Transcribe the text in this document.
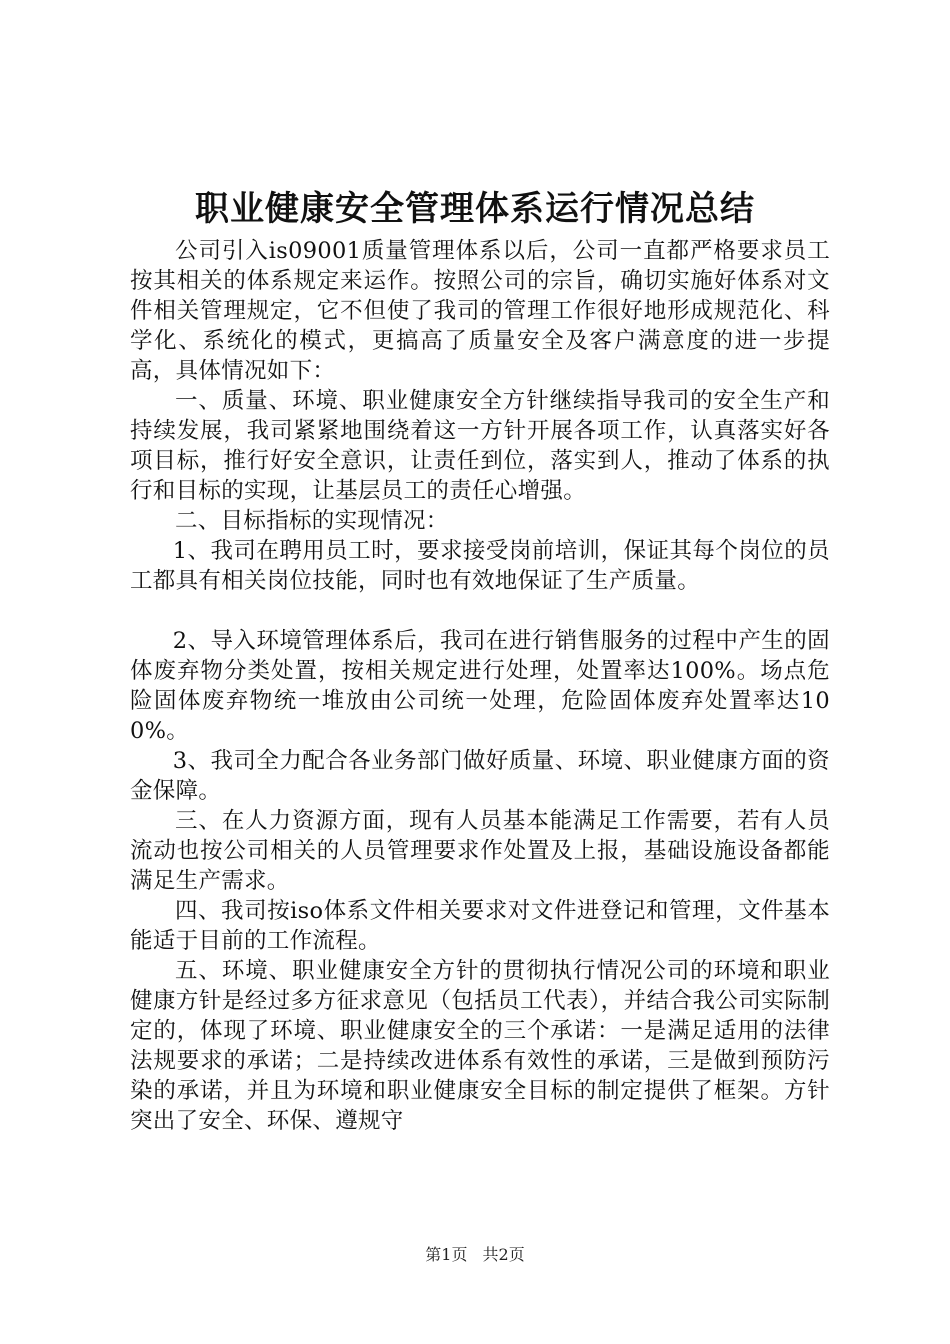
职业健康安全管理体系运行情况总结

公司引入is09001质量管理体系以后，公司一直都严格要求员工按其相关的体系规定来运作。按照公司的宗旨，确切实施好体系对文件相关管理规定，它不但使了我司的管理工作很好地形成规范化、科学化、系统化的模式，更搞高了质量安全及客户满意度的进一步提高，具体情况如下：

一、质量、环境、职业健康安全方针继续指导我司的安全生产和持续发展，我司紧紧地围绕着这一方针开展各项工作，认真落实好各项目标，推行好安全意识，让责任到位，落实到人，推动了体系的执行和目标的实现，让基层员工的责任心增强。

二、目标指标的实现情况：

1、我司在聘用员工时，要求接受岗前培训，保证其每个岗位的员工都具有相关岗位技能，同时也有效地保证了生产质量。

2、导入环境管理体系后，我司在进行销售服务的过程中产生的固体废弃物分类处置，按相关规定进行处理，处置率达100%。场点危险固体废弃物统一堆放由公司统一处理，危险固体废弃处置率达100%。

3、我司全力配合各业务部门做好质量、环境、职业健康方面的资金保障。

三、在人力资源方面，现有人员基本能满足工作需要，若有人员流动也按公司相关的人员管理要求作处置及上报，基础设施设备都能满足生产需求。

四、我司按iso体系文件相关要求对文件进登记和管理，文件基本能适于目前的工作流程。

五、环境、职业健康安全方针的贯彻执行情况公司的环境和职业健康方针是经过多方征求意见（包括员工代表），并结合我公司实际制定的，体现了环境、职业健康安全的三个承诺：一是满足适用的法律法规要求的承诺；二是持续改进体系有效性的承诺，三是做到预防污染的承诺，并且为环境和职业健康安全目标的制定提供了框架。方针突出了安全、环保、遵规守

第1页 共2页
